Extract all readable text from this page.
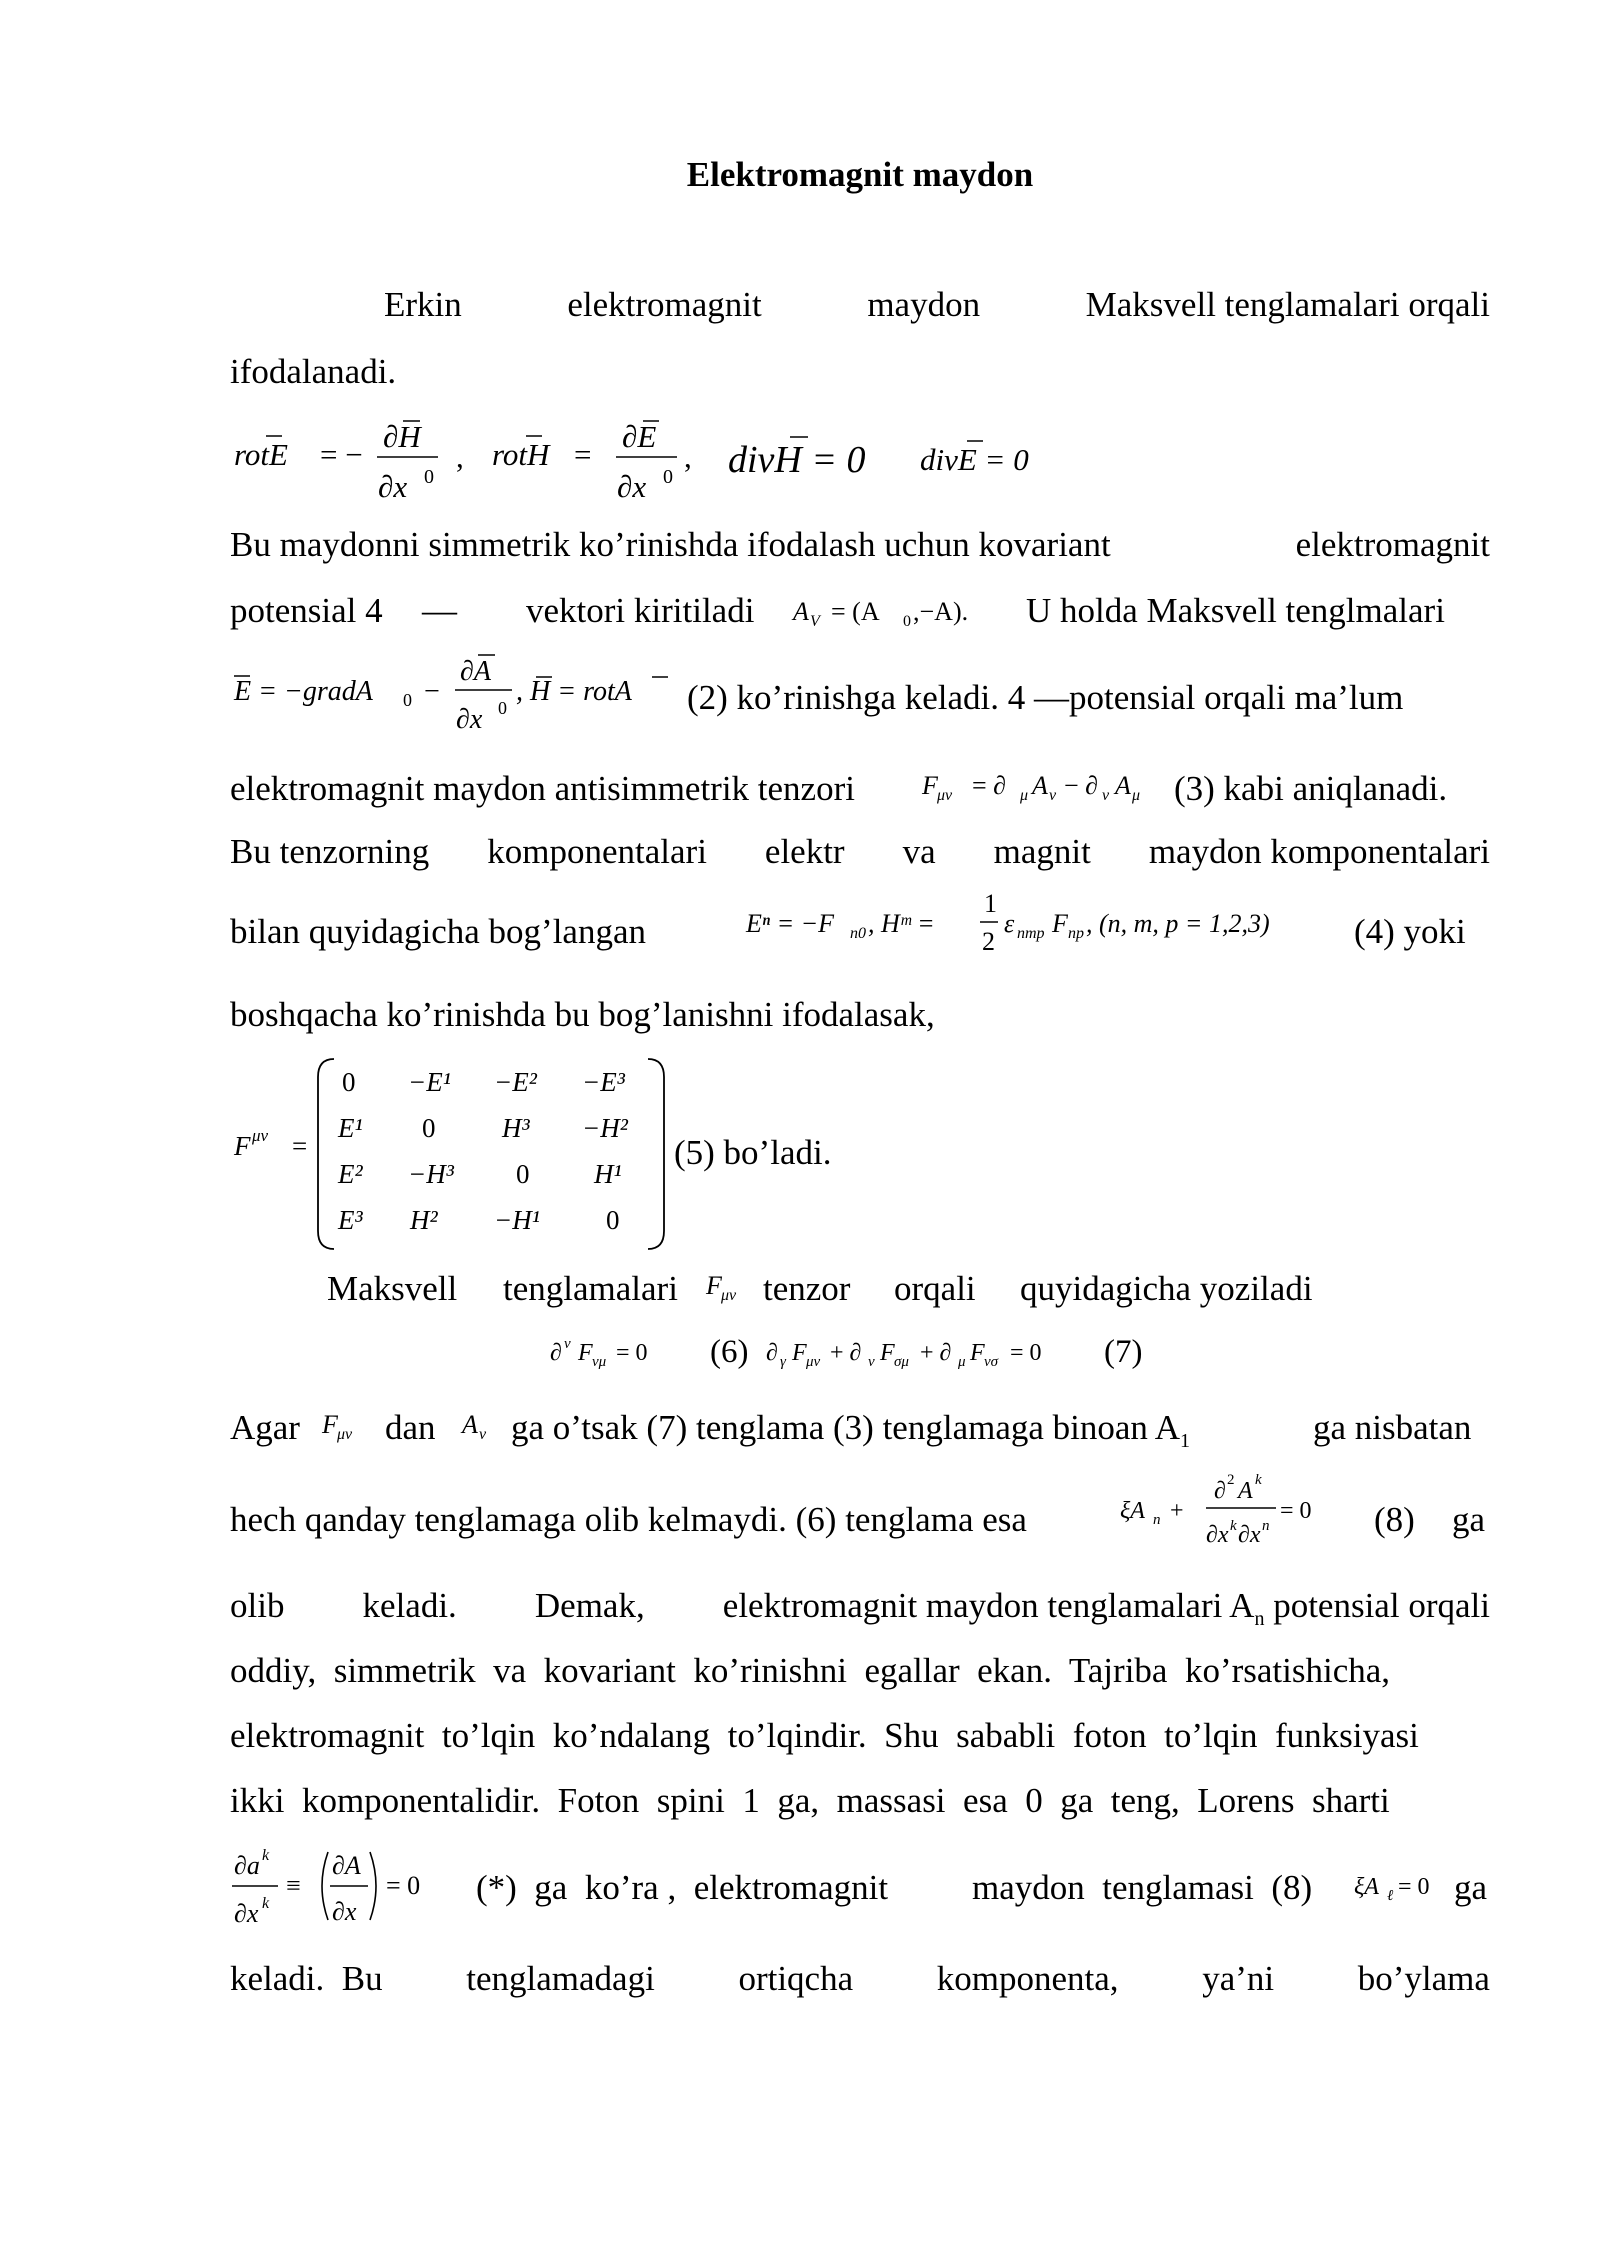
Elektromagnit maydon
Erkin	elektromagnit	maydon	Maksvell tenglamalari orqali
ifodalanadi.
rotE = −
∂H
∂x 0
, rotH =
∂E
∂x 0
, divH = 0 divE = 0
Bu maydonni simmetrik ko’rinishda ifodalash uchun kovariant	elektromagnit
potensial 4 — vektori kiritiladi A V = (A 0 ,−A). U holda Maksvell tenglmalari
E = −gradA 0 −
∂A
∂x 0
, H = rotA (2) ko’rinishga keladi. 4 —potensial orqali ma’lum
elektromagnit maydon antisimmetrik tenzori	F μν = ∂ μ A ν − ∂ ν A μ (3) kabi aniqlanadi.
Bu tenzorning komponentalari elektr va magnit maydon komponentalari
bilan quyidagicha bog’langan	Eⁿ = −F n0 , Hᵐ =
1
2
ε nmp F np , (n, m, p = 1,2,3) (4) yoki
boshqacha ko’rinishda bu bog’lanishni ifodalasak,
F μν =
0 −E¹ −E² −E³
E¹ 0 H³ −H²
E² −H³ 0 H¹
E³ H² −H¹ 0
(5) bo’ladi.
Maksvell tenglamalari F μν tenzor orqali quyidagicha yoziladi
∂ ν F νμ = 0 (6) ∂ γ F μν + ∂ ν F σμ + ∂ μ F νσ = 0 (7)
Agar F μν dan A ν ga o’tsak (7) tenglama (3) tenglamaga binoan $A_1$	ga nisbatan
hech qanday tenglamaga olib kelmaydi. (6) tenglama esa	ξA n +
∂ 2 A k
∂x k ∂x n
= 0 (8) ga
olib keladi. Demak, elektromagnit maydon tenglamalari $A_n$ potensial orqali
oddiy,  simmetrik  va  kovariant  ko’rinishni  egallar  ekan.  Tajriba  ko’rsatishicha,
elektromagnit  to’lqin  ko’ndalang  to’lqindir.  Shu  sababli  foton  to’lqin  funksiyasi
ikki  komponentalidir.  Foton  spini  1  ga,  massasi  esa  0  ga  teng,  Lorens  sharti
∂a k
∂x k
≡
∂A
∂x
= 0 (*)  ga  ko’ra ,  elektromagnit maydon  tenglamasi  (8) ξA ℓ = 0 ga
keladi.  Bu tenglamadagi ortiqcha komponenta, ya’ni bo’ylama
